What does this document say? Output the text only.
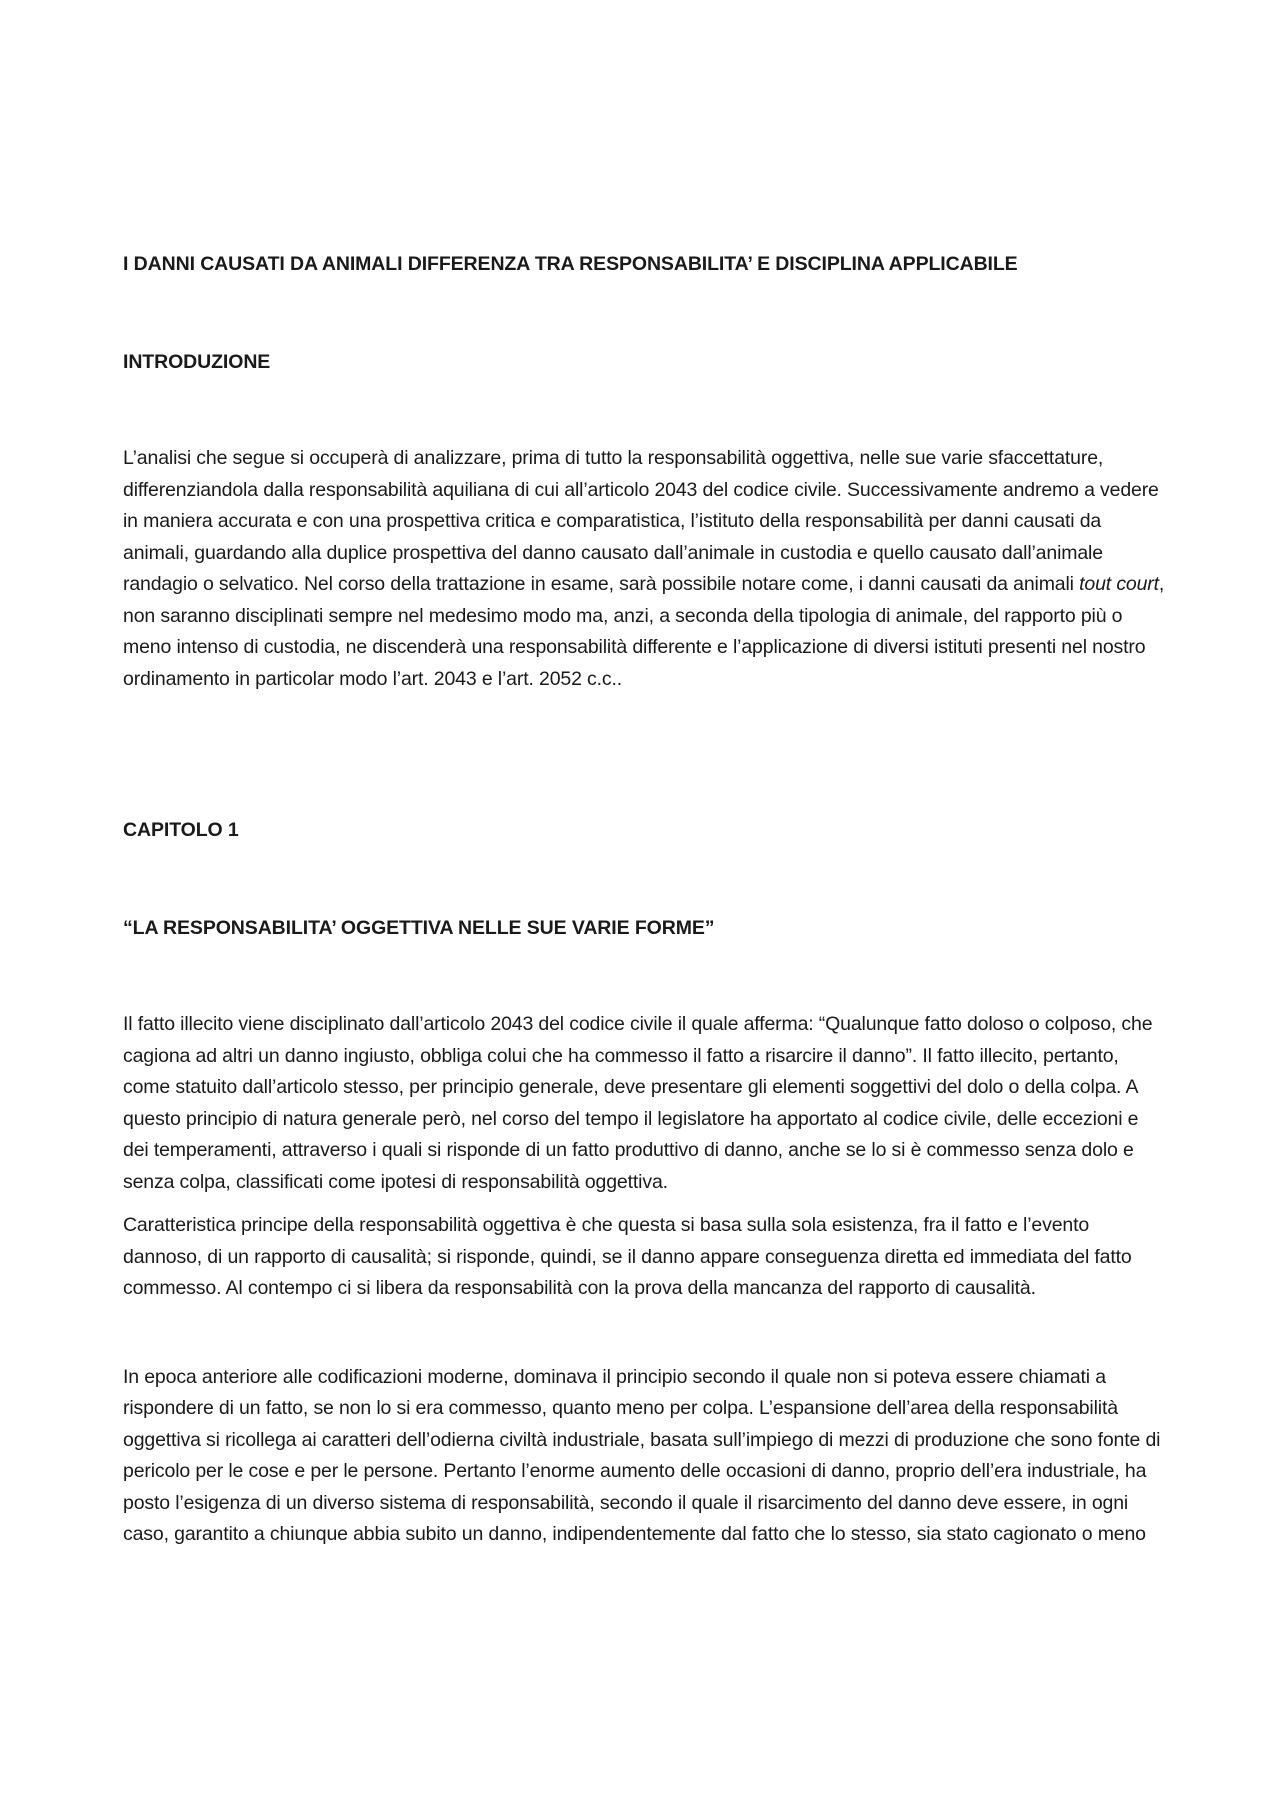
I DANNI CAUSATI DA ANIMALI DIFFERENZA TRA RESPONSABILITA’ E DISCIPLINA APPLICABILE

INTRODUZIONE

L’analisi che segue si occuperà di analizzare, prima di tutto la responsabilità oggettiva, nelle sue varie sfaccettature, differenziandola dalla responsabilità aquiliana di cui all’articolo 2043 del codice civile. Successivamente andremo a vedere in maniera accurata e con una prospettiva critica e comparatistica, l’istituto della responsabilità per danni causati da animali, guardando alla duplice prospettiva del danno causato dall’animale in custodia e quello causato dall’animale randagio o selvatico. Nel corso della trattazione in esame, sarà possibile notare come, i danni causati da animali tout court, non saranno disciplinati sempre nel medesimo modo ma, anzi, a seconda della tipologia di animale, del rapporto più o meno intenso di custodia, ne discenderà una responsabilità differente e l’applicazione di diversi istituti presenti nel nostro ordinamento in particolar modo l’art. 2043 e l’art. 2052 c.c..

CAPITOLO 1

“LA RESPONSABILITA’ OGGETTIVA NELLE SUE VARIE FORME”

Il fatto illecito viene disciplinato dall’articolo 2043 del codice civile il quale afferma: “Qualunque fatto doloso o colposo, che cagiona ad altri un danno ingiusto, obbliga colui che ha commesso il fatto a risarcire il danno”. Il fatto illecito, pertanto, come statuito dall’articolo stesso, per principio generale, deve presentare gli elementi soggettivi del dolo o della colpa. A questo principio di natura generale però, nel corso del tempo il legislatore ha apportato al codice civile, delle eccezioni e dei temperamenti, attraverso i quali si risponde di un fatto produttivo di danno, anche se lo si è commesso senza dolo e senza colpa, classificati come ipotesi di responsabilità oggettiva.

Caratteristica principe della responsabilità oggettiva è che questa si basa sulla sola esistenza, fra il fatto e l’evento dannoso, di un rapporto di causalità; si risponde, quindi, se il danno appare conseguenza diretta ed immediata del fatto commesso. Al contempo ci si libera da responsabilità con la prova della mancanza del rapporto di causalità.

In epoca anteriore alle codificazioni moderne, dominava il principio secondo il quale non si poteva essere chiamati a rispondere di un fatto, se non lo si era commesso, quanto meno per colpa. L’espansione dell’area della responsabilità oggettiva si ricollega ai caratteri dell’odierna civiltà industriale, basata sull’impiego di mezzi di produzione che sono fonte di pericolo per le cose e per le persone. Pertanto l’enorme aumento delle occasioni di danno, proprio dell’era industriale, ha posto l’esigenza di un diverso sistema di responsabilità, secondo il quale il risarcimento del danno deve essere, in ogni caso, garantito a chiunque abbia subito un danno, indipendentemente dal fatto che lo stesso, sia stato cagionato o meno
